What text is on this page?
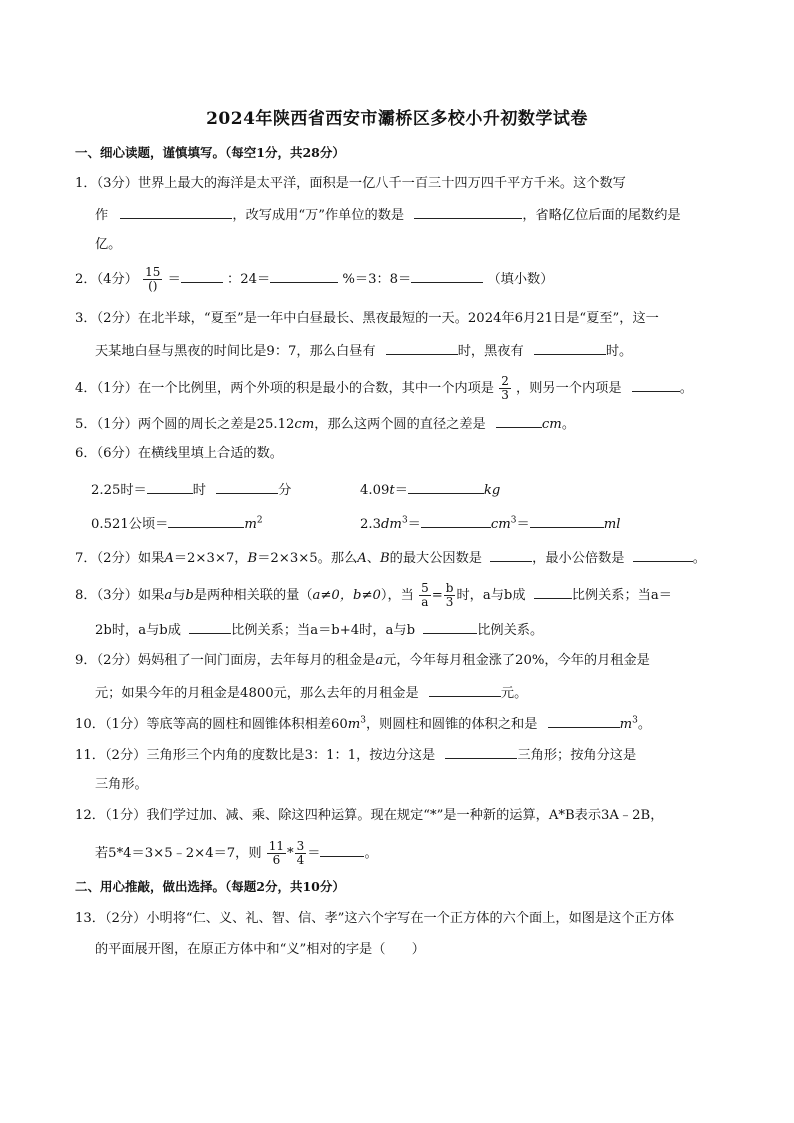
2024年陕西省西安市灞桥区多校小升初数学试卷
一、细心读题，谨慎填写。（每空1分，共28分）
1．（3分）世界上最大的海洋是太平洋，面积是一亿八千一百三十四万四千平方千米。这个数写
作	，改写成用“万”作单位的数是	，省略亿位后面的尾数约是
亿。
2．（4分） $\frac{15}{()}$ ＝	：24＝	%＝3：8＝	（填小数）
3．（2分）在北半球，“夏至”是一年中白昼最长、黑夜最短的一天。2024年6月21日是“夏至”，这一
天某地白昼与黑夜的时间比是9：7，那么白昼有	时，黑夜有	时。
4．（1分）在一个比例里，两个外项的积是最小的合数，其中一个内项是 $\frac{2}{3}$ ，则另一个内项是	。
5．（1分）两个圆的周长之差是25.12cm，那么这两个圆的直径之差是	cm。
6．（6分）在横线里填上合适的数。
2.25时＝	时	分	4.09t＝	kg
0.521公顷＝	$m^2$	$2.3dm^3=$	$cm^3=$	ml
7．（2分）如果A＝2×3×7，B＝2×3×5。那么A、B的最大公因数是	，最小公倍数是	。
8．（3分）如果a与b是两种相关联的量（a≠0，b≠0），当 $\frac{5}{a} = \frac{b}{3}$ 时，a与b成	比例关系；当a＝
2b时，a与b成	比例关系；当a＝b+4时，a与b	比例关系。
9．（2分）妈妈租了一间门面房，去年每月的租金是a元，今年每月租金涨了20%，今年的月租金是
元；如果今年的月租金是4800元，那么去年的月租金是	元。
10．（1分）等底等高的圆柱和圆锥体积相差$60m^3$，则圆柱和圆锥的体积之和是	$m^3$。
11．（2分）三角形三个内角的度数比是3：1：1，按边分这是	三角形；按角分这是
三角形。
12．（1分）我们学过加、减、乘、除这四种运算。现在规定“*”是一种新的运算，A*B表示3A﹣2B，
若5*4＝3×5﹣2×4＝7，则 $\frac{11}{6} * \frac{3}{4}$ ＝	。
二、用心推敲，做出选择。（每题2分，共10分）
13．（2分）小明将“仁、义、礼、智、信、孝”这六个字写在一个正方体的六个面上，如图是这个正方体
的平面展开图，在原正方体中和“义”相对的字是（　　）
